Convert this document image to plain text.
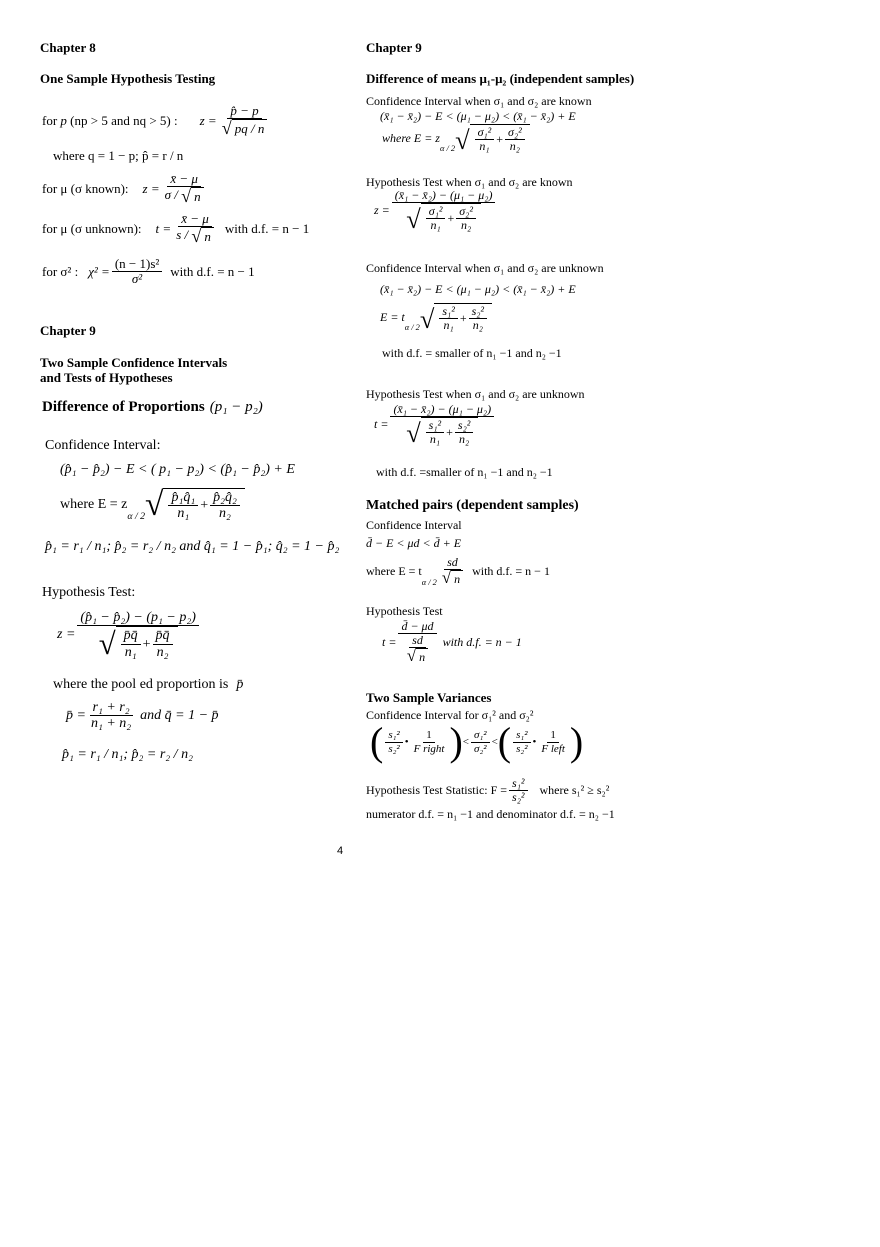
Chapter 8
One Sample Hypothesis Testing
for
p
(np > 5 and nq > 5) : $z = \frac{p̂ - p}{√ pq / n}$
where q = 1 − p; p̂ = r / n
for μ (σ known): $z = \frac{x̄ - \mu}{\sigma / √ n}$
for μ (σ unknown): $t = \frac{x̄ - \mu}{s / √ n}$ with d.f. = n − 1
for σ² : $\chi^2 = \frac{\text{(n − 1)s²}}{\text{σ²}}$ with d.f. = n − 1
Chapter 9
Two Sample Confidence Intervals
and Tests of Hypotheses
Difference of Proportions (p₁ − p₂)
Confidence Interval:
(p̂₁ − p̂₂) − E < ( p₁ − p₂) < (p̂₁ − p̂₂) + E
where E = z
$_{\alpha / 2}$ √ $\frac{\text{p̂₁q̂₁}}{\text{n₁}} + \frac{\text{p̂₂q̂₂}}{\text{n₂}}$
p̂₁ = r₁ / n₁; p̂₂ = r₂ / n₂ and q̂₁ = 1 − p̂₁; q̂₂ = 1 − p̂₂
Hypothesis Test:
$z = \frac{\text{(p̂₁ − p̂₂) − (p₁ − p₂)}}{√ \frac{p̄q̄}{\text{n₁}} + \frac{p̄q̄}{\text{n₂}}}$
where the pool ed proportion is p̄
p̄ = $\frac{\text{r₁ + r₂}}{\text{n₁ + n₂}}$ and q̄ = 1 − p̄
p̂₁ = r₁ / n₁; p̂₂ = r₂ / n₂
Chapter 9
Difference of means μ₁-μ₂ (independent samples)
Confidence Interval when σ₁ and σ₂ are known
(x̄₁ − x̄₂) − E < (μ₁ − μ₂) < (x̄₁ − x̄₂) + E
where E = z
$_{\alpha / 2}$ √ $\frac{\text{σ₁²}}{\text{n₁}} + \frac{\text{σ₂²}}{\text{n₂}}$
Hypothesis Test when σ₁ and σ₂ are known
$z = \frac{\text{(x̄₁ − x̄₂) − (μ₁ − μ₂)}}{√ \frac{\text{σ₁²}}{\text{n₁}} + \frac{\text{σ₂²}}{\text{n₂}}}$
Confidence Interval when σ₁ and σ₂ are unknown
(x̄₁ − x̄₂) − E < (μ₁ − μ₂) < (x̄₁ − x̄₂) + E
E = t
$_{\alpha / 2}$ √ $\frac{\text{s₁²}}{\text{n₁}} + \frac{\text{s₂²}}{\text{n₂}}$
with d.f. = smaller of n₁ −1 and n₂ −1
Hypothesis Test when σ₁ and σ₂ are unknown
$t = \frac{\text{(x̄₁ − x̄₂) − (μ₁ − μ₂)}}{√ \frac{\text{s₁²}}{\text{n₁}} + \frac{\text{s₂²}}{\text{n₂}}}$
with d.f. =smaller of n₁ −1 and n₂ −1
Matched pairs (dependent samples)
Confidence Interval
d̄ − E < μd < d̄ + E
where E = t
$_{\alpha / 2} \frac{sd}{√ n}$ with d.f. = n − 1
Hypothesis Test
$t = \frac{d̄ - \mu d}{\frac{sd}{√ n}}$ with d.f. = n − 1
Two Sample Variances
Confidence Interval for σ₁² and σ₂²
( $\frac{\text{s₁²}}{\text{s₂²}}$ • $\frac{1}{\text{F right}}$ ) < $\frac{\text{σ₁²}}{\text{σ₂²}}$ < ( $\frac{\text{s₁²}}{\text{s₂²}}$ • $\frac{1}{\text{F left}}$ )
Hypothesis Test Statistic: $F = \frac{\text{s₁²}}{\text{s₂²}}$ where s₁² ≥ s₂²
numerator d.f. = n₁ −1 and denominator d.f. = n₂ −1
4
